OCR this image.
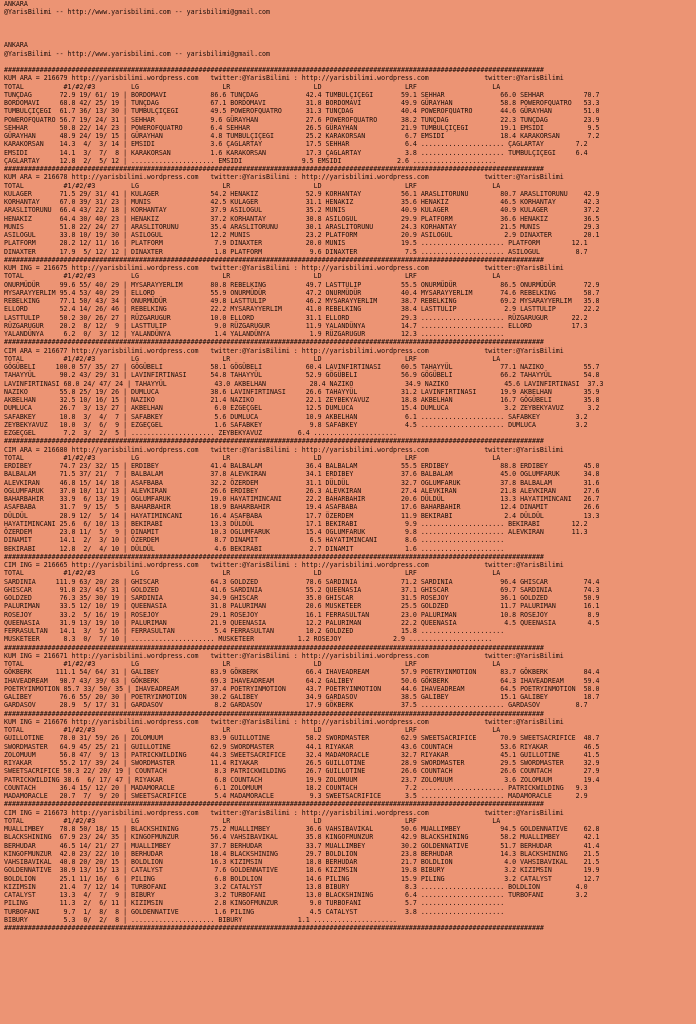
ANKARA
@YarisBilimi -- http://www.yarisbilimi.com -- yarisbilimi@gmail.com

ANKARA
@YarisBilimi -- http://www.yarisbilimi.com -- yarisbilimi@gmail.com

########################################################################################################################################
KUM ARA = 216679 http://yarisbilimi.wordpress.com   twitter:@YarisBilimi : http://yarisbilimi.wordpress.com              twitter:@YarisBilimi
TOTAL          #1/#2/#3         LG                     LR                     LD                     LRF                   LA
TUNÇDAG       72.9 19/ 61/ 19 | BORDOMAVI           86.6 TUNÇDAG            42.4 TUMBULÇIÇEGI       59.1 SEHHAR              66.0 SEHHAR          70.7
BORDOMAVI     68.8 42/ 25/ 19 | TUNÇDAG             67.1 BORDOMAVI          31.8 BORDOMAVI          49.9 GÜRAYHAN            58.8 POWEROFQUATRO   53.3
TUMBULÇIÇEGI  61.7 36/ 13/ 30 | TUMBULÇIÇEGI        49.5 POWEROFQUATRO      31.3 TUNÇDAG            40.4 POWEROFQUATRO       44.6 GÜRAYHAN        51.0
POWEROFQUATRO 56.7 19/ 24/ 31 | SEHHAR              9.6 GÜRAYHAN            27.6 POWEROFQUATRO      38.2 TUNÇDAG             22.3 TUNÇDAG         23.9
SEHHAR        50.8 22/ 14/ 23 | POWEROFQUATRO       6.4 SEHHAR              26.5 GÜRAYHAN           21.9 TUMBULÇIÇEGI        19.1 EMSIDI           9.5
GÜRAYHAN      48.9 24/ 19/ 15 | GÜRAYHAN            4.8 TUMBULÇIÇEGI        25.2 KARAKORSAN          6.7 EMSIDI              18.4 KARAKORSAN       7.2
KARAKORSAN    14.3  4/  3/ 14 | EMSIDI              3.6 ÇAGLARTAY           17.5 SEHHAR              6.4 ..................... ÇAGLARTAY        7.2
EMSIDI        14.1  3/  7/  8 | KARAKORSAN          1.6 KARAKORSAN          17.3 ÇAGLARTAY           3.8 ..................... TUMBULÇIÇEGI     6.4
ÇAGLARTAY     12.8  2/  5/ 12 | ..................... EMSIDI               9.5 EMSIDI              2.6 .....................
########################################################################################################################################
KUM ARA = 216678 http://yarisbilimi.wordpress.com   twitter:@YarisBilimi : http://yarisbilimi.wordpress.com              twitter:@YarisBilimi
TOTAL          #1/#2/#3         LG                     LR                     LD                     LRF                   LA
KULAGER       71.5 29/ 31/ 41 | KULAGER             54.2 HENAKIZ            52.9 KORHANTAY          56.1 ARASLITORUNU        80.7 ARASLITORUNU    42.9
KORHANTAY     67.0 39/ 31/ 23 | MUNIS               42.5 KULAGER            31.1 HENAKIZ            35.6 HENAKIZ             46.5 KORHANTAY       42.3
ARASLITORUNU  66.4 43/ 22/ 18 | KORHANTAY           37.9 ASILOGUL           35.2 MUNIS              40.9 KULAGER             40.9 KULAGER         37.2
HENAKIZ       64.4 30/ 40/ 23 | HENAKIZ             37.2 KORHANTAY          30.8 ASILOGUL           29.9 PLATFORM            36.6 HENAKIZ         36.5
MUNIS         51.8 22/ 24/ 27 | ARASLITORUNU        35.4 ARASLITORUNU       30.1 ARASLITORUNU       24.3 KORHANTAY           21.5 MUNIS           29.3
ASILOGUL      33.8 10/ 19/ 30 | ASILOGUL            12.2 MUNIS              23.2 PLATFORM           20.9 ASILOGUL             2.9 DINAXTER        20.1
PLATFORM      28.2 12/ 11/ 16 | PLATFORM             7.9 DINAXTER           20.0 MUNIS              19.5 ..................... PLATFORM        12.1
DINAXTER      17.9  5/ 12/ 12 | DINAXTER             1.8 PLATFORM            9.6 DINAXTER            7.5 ..................... ASILOGUL         8.7
########################################################################################################################################
KUM ING = 216675 http://yarisbilimi.wordpress.com   twitter:@YarisBilimi : http://yarisbilimi.wordpress.com              twitter:@YarisBilimi
TOTAL          #1/#2/#3         LG                     LR                     LD                     LRF                   LA
ONURMÜDÜR     99.6 55/ 40/ 29 | MYSARAYYERLIM       80.8 REBELKING          49.7 LASTTULIP          55.5 ONURMÜDÜR           86.5 ONURMÜDÜR       72.9
MYSARAYYERLIM 95.4 53/ 40/ 29 | ELLORD              55.9 ONURMÜDÜR          47.2 ONURMÜDÜR          40.4 MYSARAYYERLIM       74.6 REBELKING       58.7
REBELKING     77.1 50/ 43/ 34 | ONURMÜDÜR           49.8 LASTTULIP          46.2 MYSARAYYERLIM      38.7 REBELKING           69.2 MYSARAYYERLIM   35.8
ELLORD        52.4 14/ 26/ 46 | REBELKING           22.2 MYSARAYYERLIM      41.0 REBELKING          38.4 LASTTULIP            2.9 LASTTULIP       22.2
LASTTULIP     50.2 30/ 26/ 27 | RÜZGARUGUR          10.0 ELLORD             31.1 ELLORD             29.3 ..................... RÜZGARUGUR      22.2
RÜZGARUGUR    20.2  8/ 12/  9 | LASTTULIP            9.0 RÜZGARUGUR         11.9 YALANDÜNYA         14.7 ..................... ELLORD          17.3
YALANDÜNYA     6.2  0/  3/ 12 | YALANDÜNYA           1.4 YALANDÜNYA          1.9 RÜZGARUGUR         12.3 .....................
########################################################################################################################################
CIM ARA = 216677 http://yarisbilimi.wordpress.com   twitter:@YarisBilimi : http://yarisbilimi.wordpress.com              twitter:@YarisBilimi
TOTAL          #1/#2/#3         LG                     LR                     LD                     LRF                   LA
GÖGÜBELI     100.0 57/ 35/ 27 | GÖGÜBELI            58.1 GÖGÜBELI           60.4 LAVINFIRTINASI     60.5 TAHAYYÜL            77.1 NAZIKO          55.7
TAHAYYÜL      90.2 43/ 29/ 31 | LAVINFIRTINASI      54.8 TAHAYYÜL           52.9 GÖGÜBELI           56.9 GÖGÜBELI            66.2 TAHAYYÜL        54.8
LAVINFIRTINASI 68.0 24/ 47/ 24 | TAHAYYÜL            43.0 AKBELHAN           28.4 NAZIKO             34.9 NAZIKO              45.6 LAVINFIRTINASI  37.3
NAZIKO        55.8 25/ 19/ 26 | DUMLUCA             38.6 LAVINFIRTINASI     26.6 TAHAYYÜL           31.2 LAVINFIRTINASI      19.9 AKBELHAN        35.9
AKBELHAN      32.5 10/ 16/ 15 | NAZIKO              21.4 NAZIKO             22.1 ZEYBEKYAVUZ        18.8 AKBELHAN            16.7 GÖGÜBELI        35.8
DUMLUCA       26.7  3/ 13/ 27 | AKBELHAN             6.0 EZGEÇGEL           12.5 DUMLUCA            15.4 DUMLUCA              3.2 ZEYBEKYAVUZ      3.2
SAFABKEY      10.8  3/  4/  7 | SAFABKEY             5.6 DUMLUCA            10.9 AKBELHAN            6.1 ..................... SAFABKEY         3.2
ZEYBEKYAVUZ   10.0  3/  6/  9 | EZGEÇGEL             1.6 SAFABKEY            9.8 SAFABKEY            4.5 ..................... DUMLUCA          3.2
EZGEÇGEL       7.2  3/  2/  5 | ..................... ZEYBEKYAVUZ         6.4 .....................
########################################################################################################################################
CIM ARA = 216680 http://yarisbilimi.wordpress.com   twitter:@YarisBilimi : http://yarisbilimi.wordpress.com              twitter:@YarisBilimi
TOTAL          #1/#2/#3         LG                     LR                     LD                     LRF                   LA
ERDIBEY       74.7 23/ 32/ 15 | ERDIBEY             41.4 BALBALAM           36.4 BALBALAM           55.5 ERDIBEY             88.8 ERDIBEY         45.0
BALBALAM      71.5 37/ 21/  7 | BALBALAM            37.8 ALEVKIRAN          34.1 ERDIBEY            37.6 BALBALAM            45.0 OGLUMFARUK      34.8
ALEVKIRAN     46.8 15/ 14/ 18 | ASAFBABA            32.2 ÖZERDEM            31.1 DÜLDÜL             32.7 OGLUMFARUK          37.8 BALBALAM        31.6
OGLUMFARUK    37.0 10/ 11/ 13 | ALEVKIRAN           26.6 ERDIBEY            26.3 ALEVKIRAN          27.4 ALEVKIRAN           21.8 ALEVKIRAN       27.6
BAHARBAHIR    33.9  6/ 13/ 19 | OGLUMFARUK          19.0 HAYATIMINCANI      22.2 BAHARBAHIR         20.6 DÜLDÜL              13.3 HAYATIMINCANI   26.7
ASAFBABA      31.7  9/ 15/  5 | BAHARBAHIR          18.9 BAHARBAHIR         19.4 ASAFBABA           17.6 BAHARBAHIR          12.4 DINAMIT         26.6
DÜLDÜL        28.9 12/  5/ 14 | HAYATIMINCANI       16.4 ASAFBABA           17.7 ÖZERDEM            11.9 BEKIRABI             2.4 DÜLDÜL          13.3
HAYATIMINCANI 25.6  6/ 10/ 13 | BEKIRABI            13.3 DÜLDÜL             17.1 BEKIRABI            9.9 ..................... BEKIRABI        12.2
ÖZERDEM       23.8 11/  5/  9 | DINAMIT             10.3 OGLUMFARUK         15.4 OGLUMFARUK          9.8 ..................... ALEVKIRAN       11.3
DINAMIT       14.1  2/  3/ 10 | ÖZERDEM              8.7 DINAMIT             6.5 HAYATIMINCANI       8.6 .....................
BEKIRABI      12.8  2/  4/ 10 | DÜLDÜL               4.6 BEKIRABI            2.7 DINAMIT             1.6 .....................
########################################################################################################################################
CIM ING = 216665 http://yarisbilimi.wordpress.com   twitter:@YarisBilimi : http://yarisbilimi.wordpress.com              twitter:@YarisBilimi
TOTAL          #1/#2/#3         LG                     LR                     LD                     LRF                   LA
SARDINIA     111.9 63/ 20/ 28 | GHISCAR             64.3 GOLDZED            78.6 SARDINIA           71.2 SARDINIA            96.4 GHISCAR         74.4
GHISCAR       91.8 23/ 45/ 31 | GOLDZED             41.6 SARDINIA           55.2 QUEENASIA          37.1 GHISCAR             69.7 SARDINIA        74.3
GOLDZED       76.3 35/ 30/ 19 | SARDINIA            34.9 GHISCAR            35.0 GHISCAR            31.5 ROSEJOY             36.1 GOLDZED         50.9
PALURIMAN     33.5 12/ 10/ 19 | QUEENASIA           31.8 PALURIMAN          20.6 MUSKETEER          25.5 GOLDZED             11.7 PALURIMAN       16.1
ROSEJOY       33.2  5/ 16/ 19 | ROSEJOY             29.1 ROSEJOY            16.1 FERRASULTAN        23.0 PALURIMAN           10.8 ROSEJOY          8.9
QUEENASIA     31.9 13/ 19/ 10 | PALURIMAN           21.9 QUEENASIA          12.2 PALURIMAN          22.2 QUEENASIA            4.5 QUEENASIA        4.5
FERRASULTAN   14.1  3/  5/ 16 | FERRASULTAN          5.4 FERRASULTAN        10.2 GOLDZED            15.8 .....................
MUSKETEER      8.3  0/  7/ 10 | ..................... MUSKETEER           1.2 ROSEJOY             2.9 .....................
########################################################################################################################################
KUM ING = 216671 http://yarisbilimi.wordpress.com   twitter:@YarisBilimi : http://yarisbilimi.wordpress.com              twitter:@YarisBilimi
TOTAL          #1/#2/#3         LG                     LR                     LD                     LRF                   LA
GÖKBERK      111.1 54/ 64/ 31 | GALIBEY             83.9 GÖKBERK            66.4 IHAVEADREAM        57.9 POETRYINMOTION      83.7 GÖKBERK         84.4
IHAVEADREAM   98.7 43/ 39/ 63 | GÖKBERK             69.3 IHAVEADREAM        64.2 GALIBEY            50.6 GÖKBERK             64.3 IHAVEADREAM     59.4
POETRYINMOTION 85.7 33/ 50/ 35 | IHAVEADREAM        37.4 POETRYINMOTION     43.7 POETRYINMOTION     44.6 IHAVEADREAM         64.5 POETRYINMOTION  58.0
GALIBEY       76.6 55/ 20/ 30 | POETRYINMOTION      30.2 GALIBEY            34.9 GARDASOV           38.5 GALIBEY             15.1 GALIBEY         18.7
GARDASOV      28.9  5/ 17/ 31 | GARDASOV             8.2 GARDASOV           17.9 GÖKBERK            37.5 ..................... GARDASOV         8.7
########################################################################################################################################
KUM ING = 216676 http://yarisbilimi.wordpress.com   twitter:@YarisBilimi : http://yarisbilimi.wordpress.com              twitter:@YarisBilimi
TOTAL          #1/#2/#3         LG                     LR                     LD                     LRF                   LA
GUILLOTINE    78.0 31/ 59/ 26 | ZOLOMUUM            83.9 GUILLOTINE         58.2 SWORDMASTER        62.9 SWEETSACRIFICE      70.9 SWEETSACRIFICE  48.7
SWORDMASTER   64.9 45/ 25/ 21 | GUILLOTINE          62.9 SWORDMASTER        44.1 RIYAKAR            43.6 COUNTACH            53.6 RIYAKAR         46.5
ZOLOMUUM      56.8 47/  9/ 13 | PATRICKWILDING      44.3 SWEETSACRIFICE     32.4 MADAMORACLE        32.7 RIYAKAR             45.1 GUILLOTINE      41.5
RIYAKAR       55.2 17/ 39/ 24 | SWORDMASTER         11.4 RIYAKAR            26.5 GUILLOTINE         28.9 SWORDMASTER         29.5 SWORDMASTER     32.9
SWEETSACRIFICE 50.3 22/ 20/ 19 | COUNTACH            8.3 PATRICKWILDING     26.7 GUILLOTINE         26.6 COUNTACH            26.6 COUNTACH        27.9
PATRICKWILDING 38.6  6/ 17/ 47 | RIYAKAR             6.8 COUNTACH           19.9 ZOLOMUUM           23.7 ZOLOMUUM             3.6 ZOLOMUUM        19.4
COUNTACH      36.4 15/ 12/ 20 | MADAMORACLE          6.1 ZOLOMUUM           18.2 COUNTACH            7.2 ..................... PATRICKWILDING   9.3
MADAMORACLE   20.7  7/  9/ 20 | SWEETSACRIFICE       5.4 MADAMORACLE         9.3 SWEETSACRIFICE      3.5 ..................... MADAMORACLE      2.9
########################################################################################################################################
CIM ING = 216673 http://yarisbilimi.wordpress.com   twitter:@YarisBilimi : http://yarisbilimi.wordpress.com              twitter:@YarisBilimi
TOTAL          #1/#2/#3         LG                     LR                     LD                     LRF                   LA
MUALLIMBEY    78.8 50/ 18/ 15 | BLACKSHINING        75.2 MUALLIMBEY         36.6 VAHSIBAVIKAL       50.6 MUALLIMBEY          94.5 GOLDENNATIVE    62.8
BLACKSHINING  67.9 23/ 24/ 35 | KINGOFMUNZUR        56.4 VAHSIBAVIKAL       35.8 KINGOFMUNZUR       42.9 BLACKSHINING        58.2 MUALLIMBEY      42.1
BERHUDAR      46.5 14/ 21/ 27 | MUALLIMBEY          37.7 BERHUDAR           33.7 MUALLIMBEY         30.2 GOLDENNATIVE        51.7 BERHUDAR        41.4
KINGOFMUNZUR  42.0 23/ 22/ 10 | BERHUDAR            18.4 BLACKSHINING       29.7 BOLDLION           23.8 BERHUDAR            14.3 BLACKSHINING    21.5
VAHSIBAVIKAL  40.8 20/ 20/ 15 | BOLDLION            16.3 KIZIMSIN           18.8 BERHUDAR           21.7 BOLDLION             4.0 VAHSIBAVIKAL    21.5
GOLDENNATIVE  38.9 13/ 15/ 13 | CATALYST             7.6 GOLDENNATIVE       18.6 KIZIMSIN           19.8 BIBURY               3.2 KIZIMSIN        19.9
BOLDLION      25.1 11/ 16/  6 | PILING               6.8 BOLDLION           14.6 PILING             15.9 PILING               3.2 CATALYST        12.7
KIZIMSIN      21.4  7/ 12/ 14 | TURBOFANI            3.2 CATALYST           13.8 BIBURY              8.3 ..................... BOLDLION         4.0
CATALYST      13.3  4/  7/  9 | BIBURY               3.2 TURBOFANI          13.0 BLACKSHINING        6.4 ..................... TURBOFANI        3.2
PILING        11.3  2/  6/ 11 | KIZIMSIN             2.8 KINGOFMUNZUR        9.0 TURBOFANI           5.7 .....................
TURBOFANI      9.7  1/  8/  8 | GOLDENNATIVE         1.6 PILING              4.5 CATALYST            3.8 .....................
BIBURY         5.3  0/  2/  8 | ..................... BIBURY              1.1 .....................
########################################################################################################################################
